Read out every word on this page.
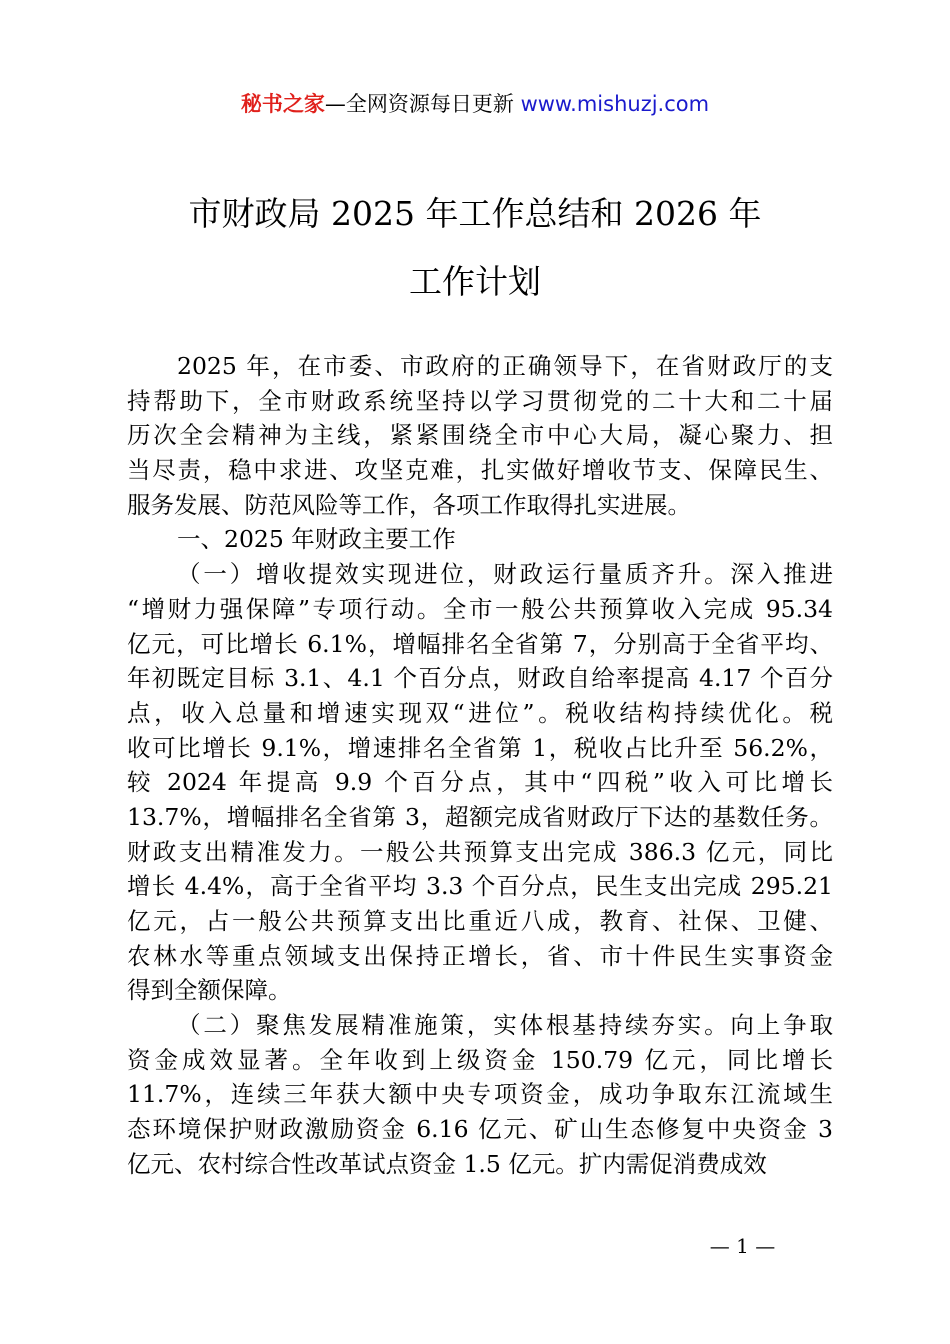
秘书之家—全网资源每日更新 www.mishuzj.com
市财政局 2025 年工作总结和 2026 年
工作计划
2025 年，在市委、市政府的正确领导下，在省财政厅的支
持帮助下，全市财政系统坚持以学习贯彻党的二十大和二十届
历次全会精神为主线，紧紧围绕全市中心大局，凝心聚力、担
当尽责，稳中求进、攻坚克难，扎实做好增收节支、保障民生、
服务发展、防范风险等工作，各项工作取得扎实进展。
一、2025 年财政主要工作
（一）增收提效实现进位，财政运行量质齐升。深入推进
“增财力强保障”专项行动。全市一般公共预算收入完成 95.34
亿元，可比增长 6.1%，增幅排名全省第 7，分别高于全省平均、
年初既定目标 3.1、4.1 个百分点，财政自给率提高 4.17 个百分
点，收入总量和增速实现双“进位”。税收结构持续优化。税
收可比增长 9.1%，增速排名全省第 1，税收占比升至 56.2%，
较 2024 年提高 9.9 个百分点，其中“四税”收入可比增长
13.7%，增幅排名全省第 3，超额完成省财政厅下达的基数任务。
财政支出精准发力。一般公共预算支出完成 386.3 亿元，同比
增长 4.4%，高于全省平均 3.3 个百分点，民生支出完成 295.21
亿元，占一般公共预算支出比重近八成，教育、社保、卫健、
农林水等重点领域支出保持正增长，省、市十件民生实事资金
得到全额保障。
（二）聚焦发展精准施策，实体根基持续夯实。向上争取
资金成效显著。全年收到上级资金 150.79 亿元，同比增长
11.7%，连续三年获大额中央专项资金，成功争取东江流域生
态环境保护财政激励资金 6.16 亿元、矿山生态修复中央资金 3
亿元、农村综合性改革试点资金 1.5 亿元。扩内需促消费成效
— 1 —
